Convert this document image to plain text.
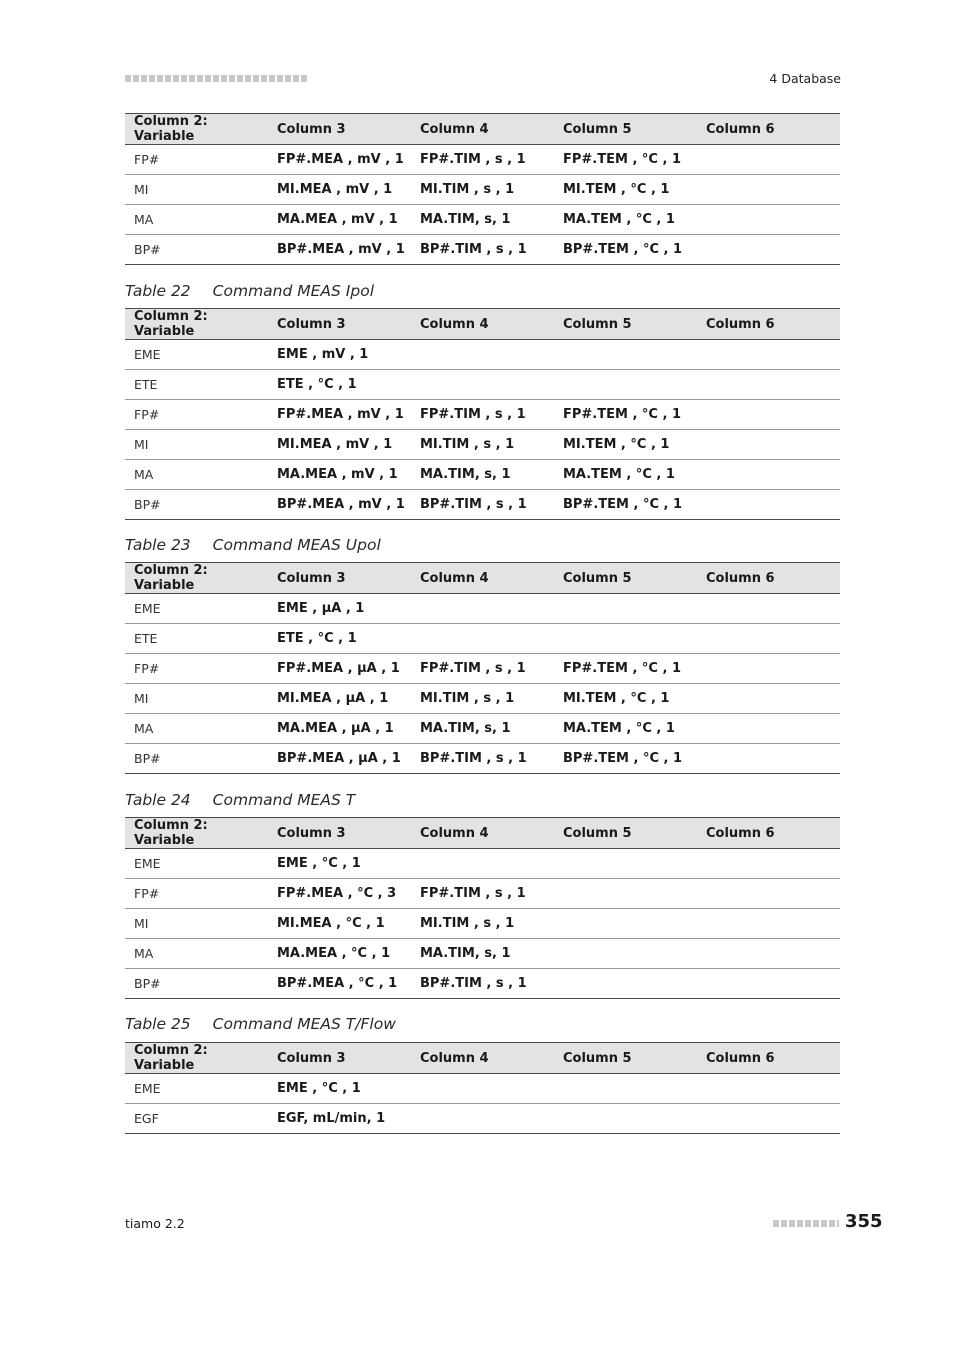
4 Database
Column 2: Variable	Column 3	Column 4	Column 5	Column 6
FP#	FP#.MEA , mV , 1	FP#.TIM , s , 1	FP#.TEM , °C , 1	
MI	MI.MEA , mV , 1	MI.TIM , s , 1	MI.TEM , °C , 1	
MA	MA.MEA , mV , 1	MA.TIM, s, 1	MA.TEM , °C , 1	
BP#	BP#.MEA , mV , 1	BP#.TIM , s , 1	BP#.TEM , °C , 1	
Table 22 Command MEAS Ipol
Column 2: Variable	Column 3	Column 4	Column 5	Column 6
EME	EME , mV , 1			
ETE	ETE , °C , 1			
FP#	FP#.MEA , mV , 1	FP#.TIM , s , 1	FP#.TEM , °C , 1	
MI	MI.MEA , mV , 1	MI.TIM , s , 1	MI.TEM , °C , 1	
MA	MA.MEA , mV , 1	MA.TIM, s, 1	MA.TEM , °C , 1	
BP#	BP#.MEA , mV , 1	BP#.TIM , s , 1	BP#.TEM , °C , 1	
Table 23 Command MEAS Upol
Column 2: Variable	Column 3	Column 4	Column 5	Column 6
EME	EME , µA , 1			
ETE	ETE , °C , 1			
FP#	FP#.MEA , µA , 1	FP#.TIM , s , 1	FP#.TEM , °C , 1	
MI	MI.MEA , µA , 1	MI.TIM , s , 1	MI.TEM , °C , 1	
MA	MA.MEA , µA , 1	MA.TIM, s, 1	MA.TEM , °C , 1	
BP#	BP#.MEA , µA , 1	BP#.TIM , s , 1	BP#.TEM , °C , 1	
Table 24 Command MEAS T
Column 2: Variable	Column 3	Column 4	Column 5	Column 6
EME	EME , °C , 1			
FP#	FP#.MEA , °C , 3	FP#.TIM , s , 1		
MI	MI.MEA , °C , 1	MI.TIM , s , 1		
MA	MA.MEA , °C , 1	MA.TIM, s, 1		
BP#	BP#.MEA , °C , 1	BP#.TIM , s , 1		
Table 25 Command MEAS T/Flow
Column 2: Variable	Column 3	Column 4	Column 5	Column 6
EME	EME , °C , 1			
EGF	EGF, mL/min, 1			
tiamo 2.2	355
